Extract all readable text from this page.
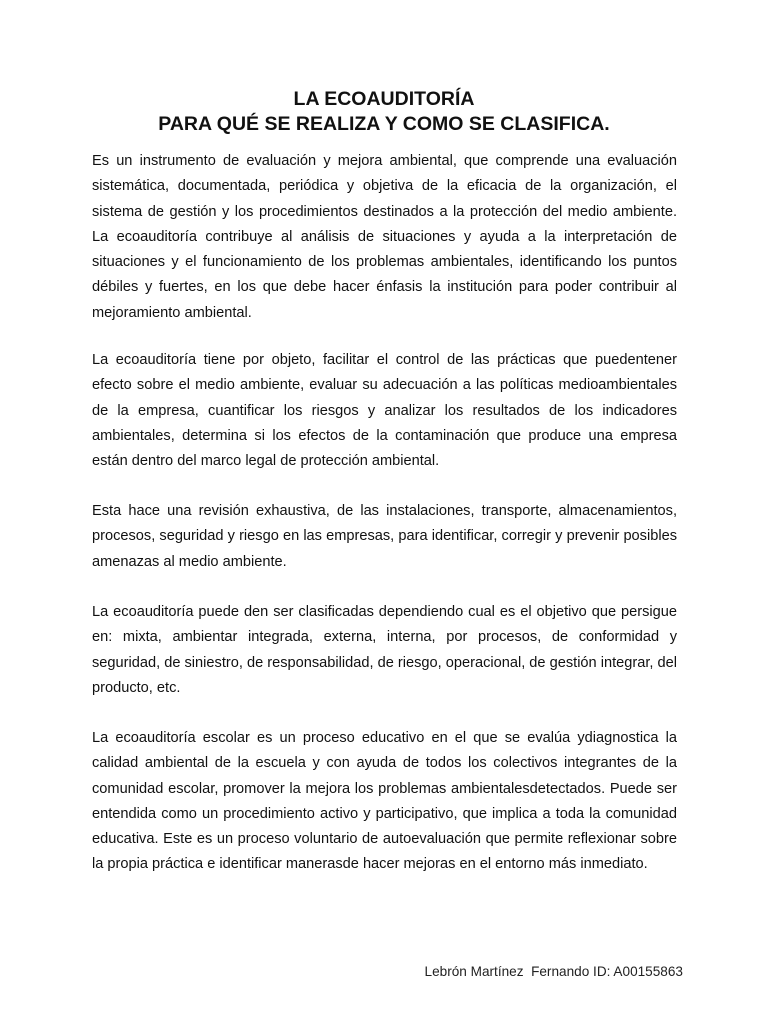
LA ECOAUDITORÍA
PARA QUÉ SE REALIZA Y COMO SE CLASIFICA.

Es un instrumento de evaluación y mejora ambiental, que comprende una evaluación sistemática, documentada, periódica y objetiva de la eficacia de la organización, el sistema de gestión y los procedimientos destinados a la protección del medio ambiente. La ecoauditoría contribuye al análisis de situaciones y ayuda a la interpretación de situaciones y el funcionamiento de los problemas ambientales, identificando los puntos débiles y fuertes, en los que debe hacer énfasis la institución para poder contribuir al mejoramiento ambiental.

La ecoauditoría tiene por objeto, facilitar el control de las prácticas que puedentener efecto sobre el medio ambiente, evaluar su adecuación a las políticas medioambientales de la empresa, cuantificar los riesgos y analizar los resultados de los indicadores ambientales, determina si los efectos de la contaminación que produce una empresa están dentro del marco legal de protección ambiental.

Esta hace una revisión exhaustiva, de las instalaciones, transporte, almacenamientos, procesos, seguridad y riesgo en las empresas, para identificar, corregir y prevenir posibles amenazas al medio ambiente.

La ecoauditoría puede den ser clasificadas dependiendo cual es el objetivo que persigue en: mixta, ambientar integrada, externa, interna, por procesos, de conformidad y seguridad, de siniestro, de responsabilidad, de riesgo, operacional, de gestión integrar, del producto, etc.

La ecoauditoría escolar es un proceso educativo en el que se evalúa ydiagnostica la calidad ambiental de la escuela y con ayuda de todos los colectivos integrantes de la comunidad escolar, promover la mejora los problemas ambientalesdetectados. Puede ser entendida como un procedimiento activo y participativo, que implica a toda la comunidad educativa. Este es un proceso voluntario de autoevaluación que permite reflexionar sobre la propia práctica e identificar manerasde hacer mejoras en el entorno más inmediato.

Lebrón Martínez  Fernando ID: A00155863
